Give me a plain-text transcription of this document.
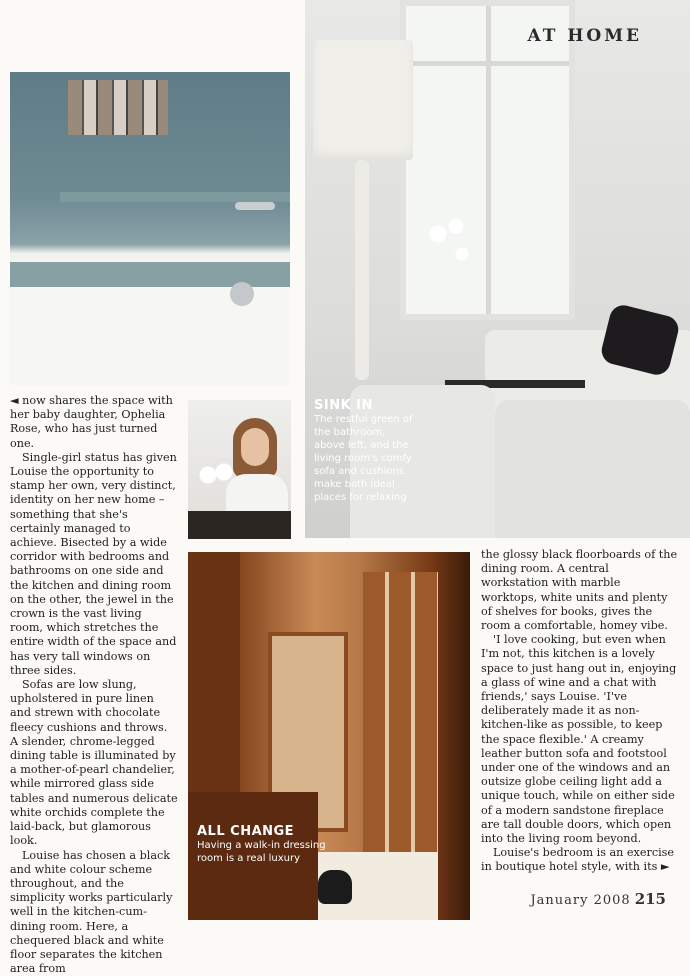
AT HOME
SINK IN
The restful green of the bathroom, above left, and the living room's comfy sofa and cushions make both ideal places for relaxing
ALL CHANGE
Having a walk-in dressing room is a real luxury

◄ now shares the space with her baby daughter, Ophelia Rose, who has just turned one.

Single-girl status has given Louise the opportunity to stamp her own, very distinct, identity on her new home – something that she's certainly managed to achieve. Bisected by a wide corridor with bedrooms and bathrooms on one side and the kitchen and dining room on the other, the jewel in the crown is the vast living room, which stretches the entire width of the space and has very tall windows on three sides.

Sofas are low slung, upholstered in pure linen and strewn with chocolate fleecy cushions and throws. A slender, chrome-legged dining table is illuminated by a mother-of-pearl chandelier, while mirrored glass side tables and numerous delicate white orchids complete the laid-back, but glamorous look.

Louise has chosen a black and white colour scheme throughout, and the simplicity works particularly well in the kitchen-cum-dining room. Here, a chequered black and white floor separates the kitchen area from

the glossy black floorboards of the dining room. A central workstation with marble worktops, white units and plenty of shelves for books, gives the room a comfortable, homey vibe.

'I love cooking, but even when I'm not, this kitchen is a lovely space to just hang out in, enjoying a glass of wine and a chat with friends,' says Louise. 'I've deliberately made it as non-kitchen-like as possible, to keep the space flexible.' A creamy leather button sofa and footstool under one of the windows and an outsize globe ceiling light add a unique touch, while on either side of a modern sandstone fireplace are tall double doors, which open into the living room beyond.

Louise's bedroom is an exercise in boutique hotel style, with its ►

January 2008 215
